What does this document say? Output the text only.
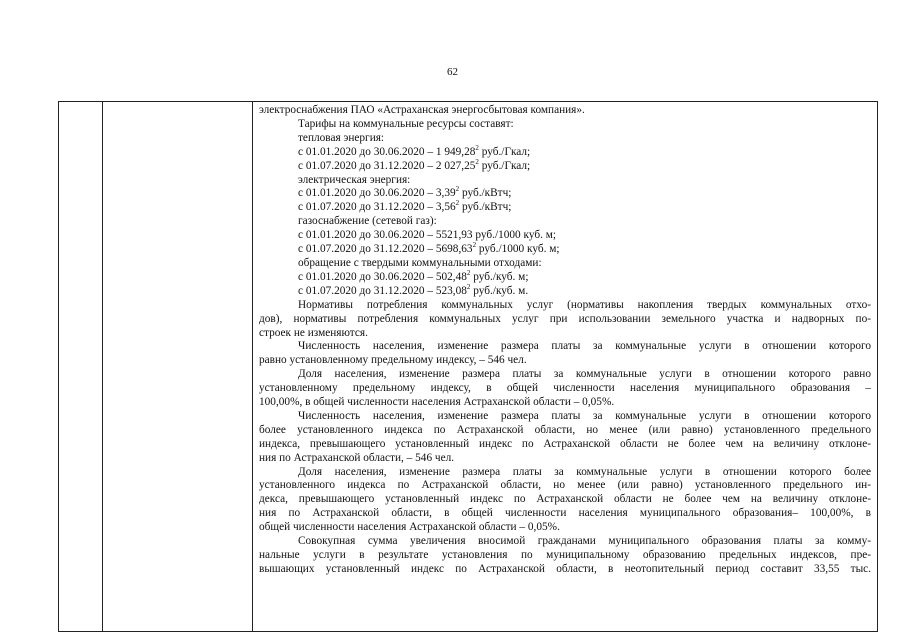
62

электроснабжения ПАО «Астраханская энергосбытовая компания».
Тарифы на коммунальные ресурсы составят:
тепловая энергия:
с 01.01.2020 до 30.06.2020 – 1 949,28$^2$ руб./Гкал;
с 01.07.2020 до 31.12.2020 – 2 027,25$^2$ руб./Гкал;
электрическая энергия:
с 01.01.2020 до 30.06.2020 – 3,39$^2$ руб./кВтч;
с 01.07.2020 до 31.12.2020 – 3,56$^2$ руб./кВтч;
газоснабжение (сетевой газ):
с 01.01.2020 до 30.06.2020 – 5521,93 руб./1000 куб. м;
с 01.07.2020 до 31.12.2020 – 5698,63$^2$ руб./1000 куб. м;
обращение с твердыми коммунальными отходами:
с 01.01.2020 до 30.06.2020 – 502,48$^2$ руб./куб. м;
с 01.07.2020 до 31.12.2020 – 523,08$^2$ руб./куб. м.
Нормативы потребления коммунальных услуг (нормативы накопления твердых коммунальных отхо-
дов), нормативы потребления коммунальных услуг при использовании земельного участка и надворных по-
строек не изменяются.
Численность населения, изменение размера платы за коммунальные услуги в отношении которого
равно установленному предельному индексу, – 546 чел.
Доля населения, изменение размера платы за коммунальные услуги в отношении которого равно
установленному предельному индексу, в общей численности населения муниципального образования –
100,00%, в общей численности населения Астраханской области – 0,05%.
Численность населения, изменение размера платы за коммунальные услуги в отношении которого
более установленного индекса по Астраханской области, но менее (или равно) установленного предельного
индекса, превышающего установленный индекс по Астраханской области не более чем на величину отклоне-
ния по Астраханской области, – 546 чел.
Доля населения, изменение размера платы за коммунальные услуги в отношении которого более
установленного индекса по Астраханской области, но менее (или равно) установленного предельного ин-
декса, превышающего установленный индекс по Астраханской области не более чем на величину отклоне-
ния по Астраханской области, в общей численности населения муниципального образования– 100,00%, в
общей численности населения Астраханской области – 0,05%.
Совокупная сумма увеличения вносимой гражданами муниципального образования платы за комму-
нальные услуги в результате установления по муниципальному образованию предельных индексов, пре-
вышающих установленный индекс по Астраханской области, в неотопительный период составит 33,55 тыс.
